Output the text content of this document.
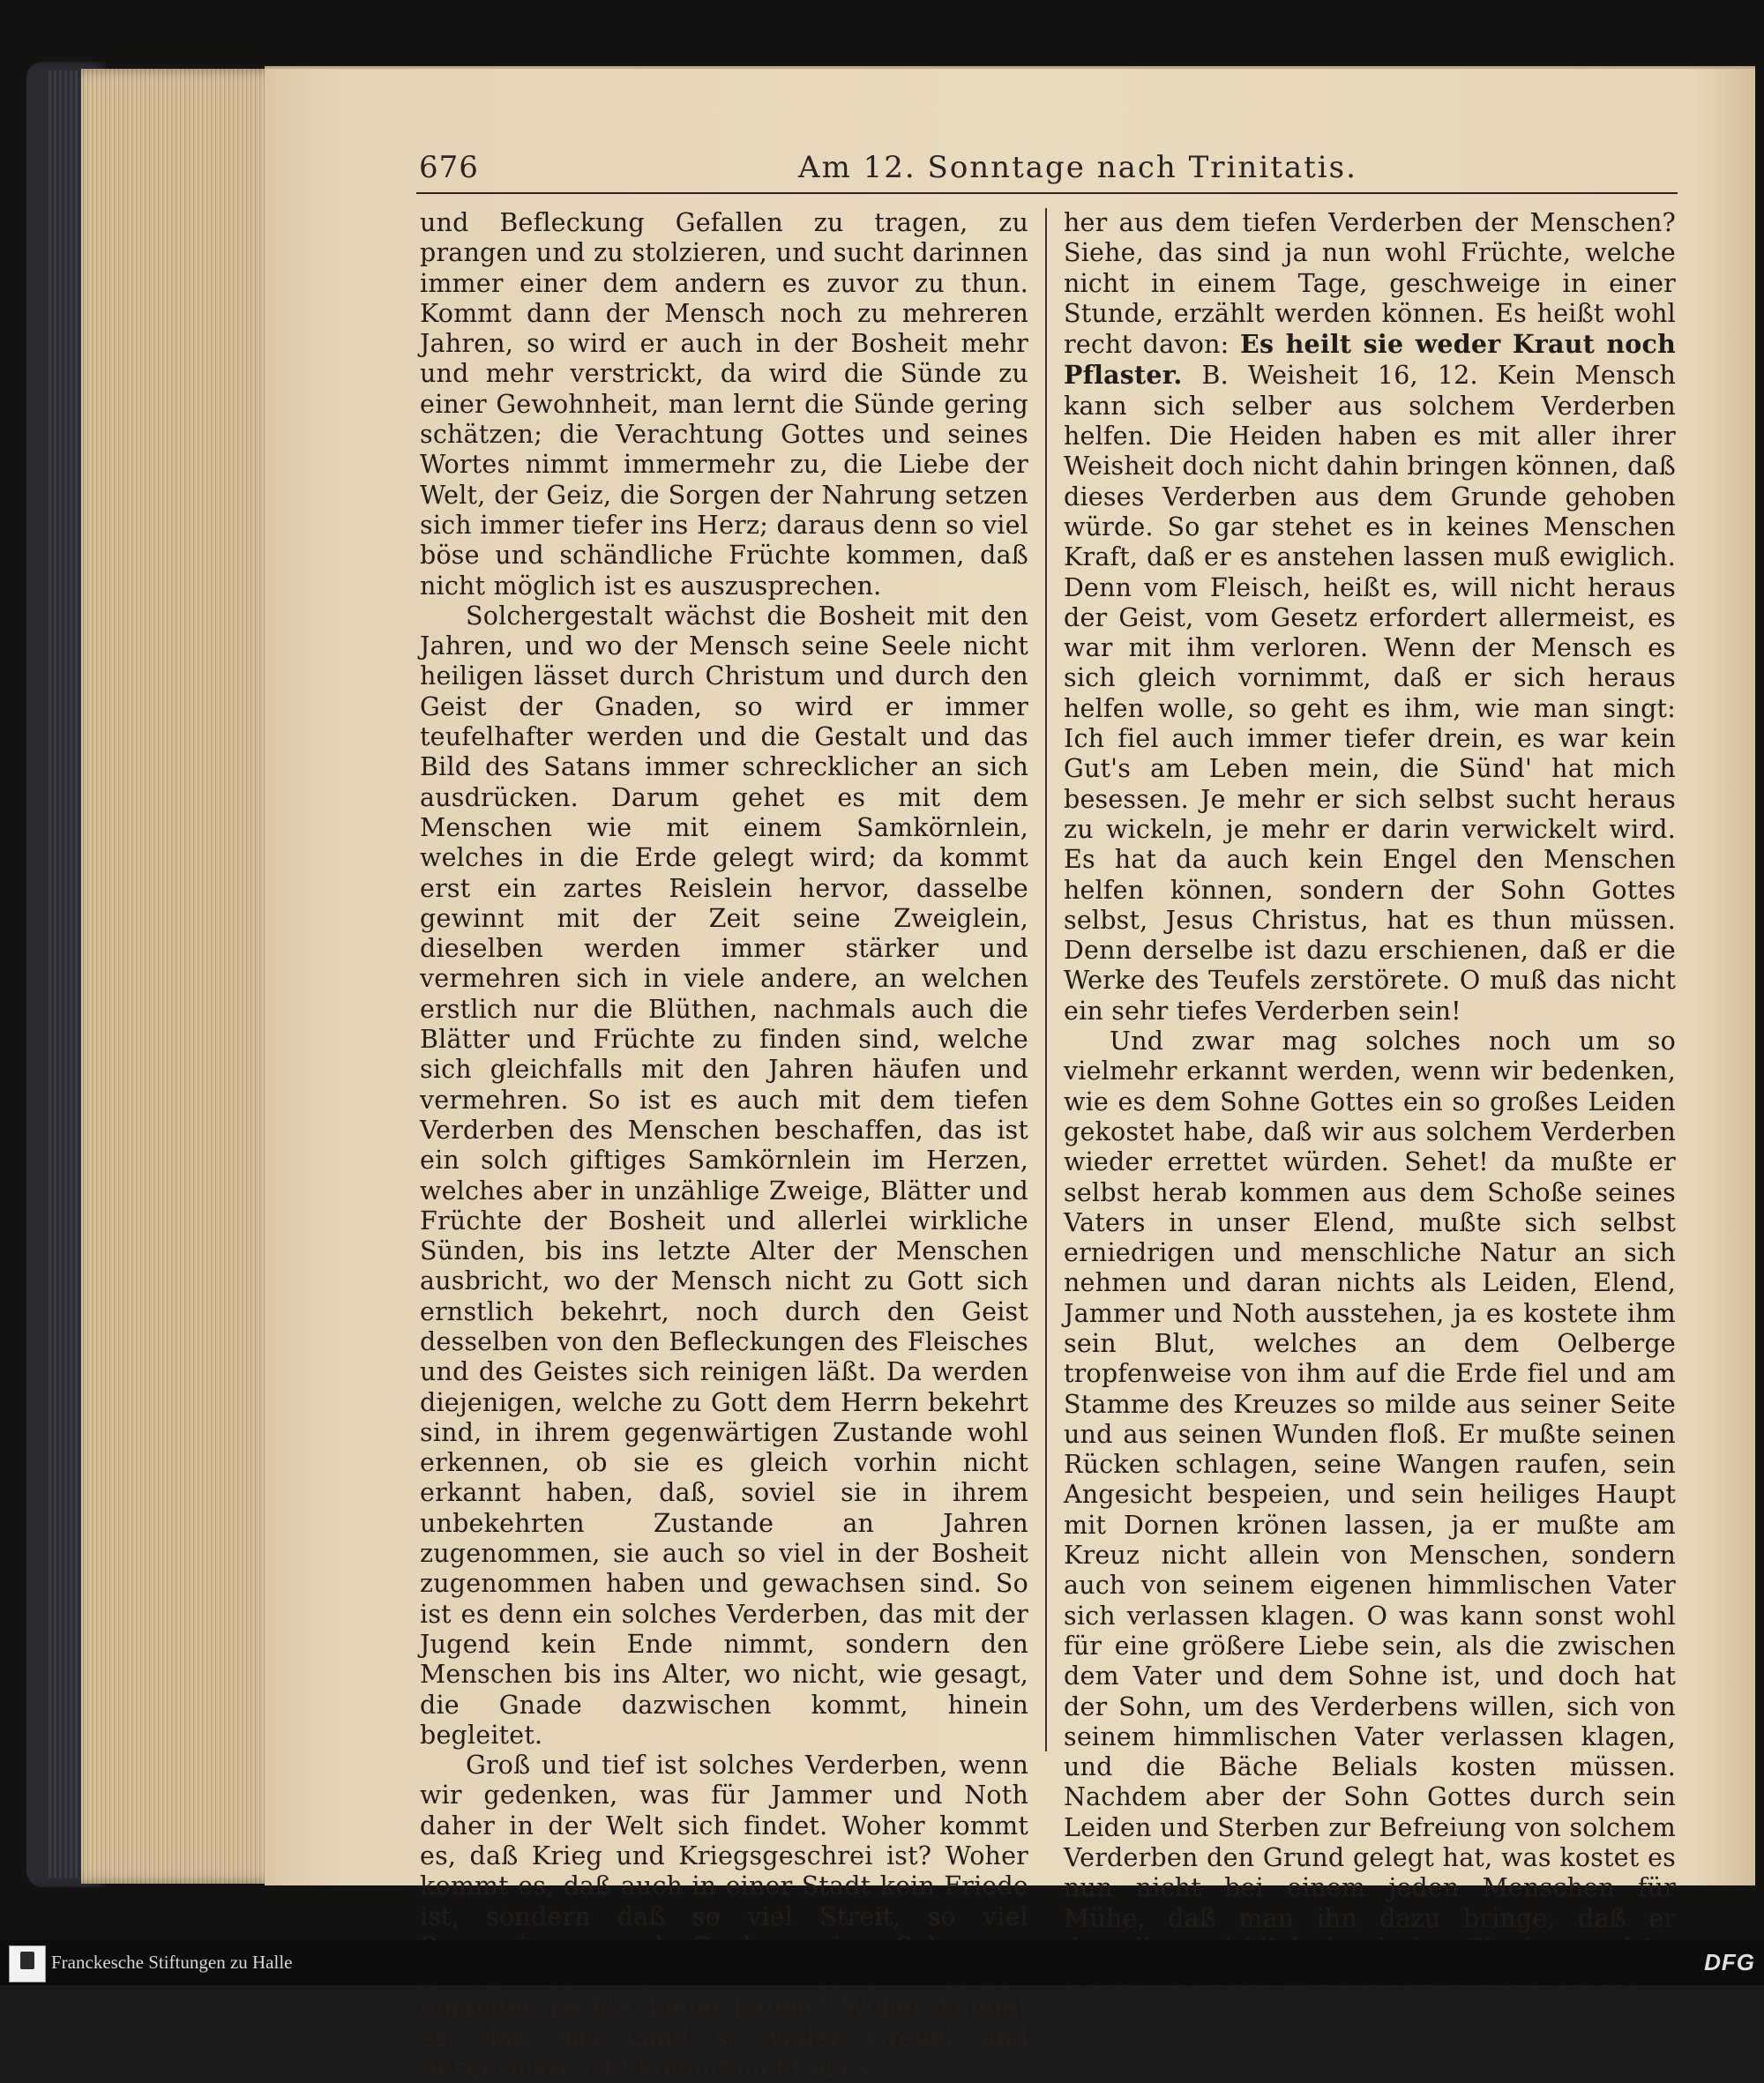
676	Am 12. Sonntage nach Trinitatis.

und Befleckung Gefallen zu tragen, zu prangen und zu stolzieren, und sucht darinnen immer einer dem andern es zuvor zu thun. Kommt dann der Mensch noch zu mehreren Jahren, so wird er auch in der Bosheit mehr und mehr verstrickt, da wird die Sünde zu einer Gewohnheit, man lernt die Sünde gering schätzen; die Verachtung Gottes und seines Wortes nimmt immermehr zu, die Liebe der Welt, der Geiz, die Sorgen der Nahrung setzen sich immer tiefer ins Herz; daraus denn so viel böse und schändliche Früchte kommen, daß nicht möglich ist es auszusprechen.

Solchergestalt wächst die Bosheit mit den Jahren, und wo der Mensch seine Seele nicht heiligen lässet durch Christum und durch den Geist der Gnaden, so wird er immer teufelhafter werden und die Gestalt und das Bild des Satans immer schrecklicher an sich ausdrücken. Darum gehet es mit dem Menschen wie mit einem Samkörnlein, welches in die Erde gelegt wird; da kommt erst ein zartes Reislein hervor, dasselbe gewinnt mit der Zeit seine Zweiglein, dieselben werden immer stärker und vermehren sich in viele andere, an welchen erstlich nur die Blüthen, nachmals auch die Blätter und Früchte zu finden sind, welche sich gleichfalls mit den Jahren häufen und vermehren. So ist es auch mit dem tiefen Verderben des Menschen beschaffen, das ist ein solch giftiges Samkörnlein im Herzen, welches aber in unzählige Zweige, Blätter und Früchte der Bosheit und allerlei wirkliche Sünden, bis ins letzte Alter der Menschen ausbricht, wo der Mensch nicht zu Gott sich ernstlich bekehrt, noch durch den Geist desselben von den Befleckungen des Fleisches und des Geistes sich reinigen läßt. Da werden diejenigen, welche zu Gott dem Herrn bekehrt sind, in ihrem gegenwärtigen Zustande wohl erkennen, ob sie es gleich vorhin nicht erkannt haben, daß, soviel sie in ihrem unbekehrten Zustande an Jahren zugenommen, sie auch so viel in der Bosheit zugenommen haben und gewachsen sind. So ist es denn ein solches Verderben, das mit der Jugend kein Ende nimmt, sondern den Menschen bis ins Alter, wo nicht, wie gesagt, die Gnade dazwischen kommt, hinein begleitet.

Groß und tief ist solches Verderben, wenn wir gedenken, was für Jammer und Noth daher in der Welt sich findet. Woher kommt es, daß Krieg und Kriegsgeschrei ist? Woher kommt es, daß auch in einer Stadt kein Friede ist, sondern daß so viel Streit, so viel einander rechte Liebe haben? Woher kommt es, daß das Land so voller Greuel und Aergernisse ist? Kommt nicht alles

her aus dem tiefen Verderben der Menschen? Siehe, das sind ja nun wohl Früchte, welche nicht in einem Tage, geschweige in einer Stunde, erzählt werden können. Es heißt wohl recht davon: Es heilt sie weder Kraut noch Pflaster. B. Weisheit 16, 12. Kein Mensch kann sich selber aus solchem Verderben helfen. Die Heiden haben es mit aller ihrer Weisheit doch nicht dahin bringen können, daß dieses Verderben aus dem Grunde gehoben würde. So gar stehet es in keines Menschen Kraft, daß er es anstehen lassen muß ewiglich. Denn vom Fleisch, heißt es, will nicht heraus der Geist, vom Gesetz erfordert allermeist, es war mit ihm verloren. Wenn der Mensch es sich gleich vornimmt, daß er sich heraus helfen wolle, so geht es ihm, wie man singt: Ich fiel auch immer tiefer drein, es war kein Gut's am Leben mein, die Sünd' hat mich besessen. Je mehr er sich selbst sucht heraus zu wickeln, je mehr er darin verwickelt wird. Es hat da auch kein Engel den Menschen helfen können, sondern der Sohn Gottes selbst, Jesus Christus, hat es thun müssen. Denn derselbe ist dazu erschienen, daß er die Werke des Teufels zerstörete. O muß das nicht ein sehr tiefes Verderben sein!

Und zwar mag solches noch um so vielmehr erkannt werden, wenn wir bedenken, wie es dem Sohne Gottes ein so großes Leiden gekostet habe, daß wir aus solchem Verderben wieder errettet würden. Sehet! da mußte er selbst herab kommen aus dem Schoße seines Vaters in unser Elend, mußte sich selbst erniedrigen und menschliche Natur an sich nehmen und daran nichts als Leiden, Elend, Jammer und Noth ausstehen, ja es kostete ihm sein Blut, welches an dem Oelberge tropfenweise von ihm auf die Erde fiel und am Stamme des Kreuzes so milde aus seiner Seite und aus seinen Wunden floß. Er mußte seinen Rücken schlagen, seine Wangen raufen, sein Angesicht bespeien, und sein heiliges Haupt mit Dornen krönen lassen, ja er mußte am Kreuz nicht allein von Menschen, sondern auch von seinem eigenen himmlischen Vater sich verlassen klagen. O was kann sonst wohl für eine größere Liebe sein, als die zwischen dem Vater und dem Sohne ist, und doch hat der Sohn, um des Verderbens willen, sich von seinem himmlischen Vater verlassen klagen, und die Bäche Belials kosten müssen. Nachdem aber der Sohn Gottes durch sein Leiden und Sterben zur Befreiung von solchem Verderben den Grund gelegt hat, was kostet es nun nicht bei einem jeden Menschen für Mühe, daß man ihn dazu bringe, daß er

Franckesche Stiftungen zu Halle	DFG
